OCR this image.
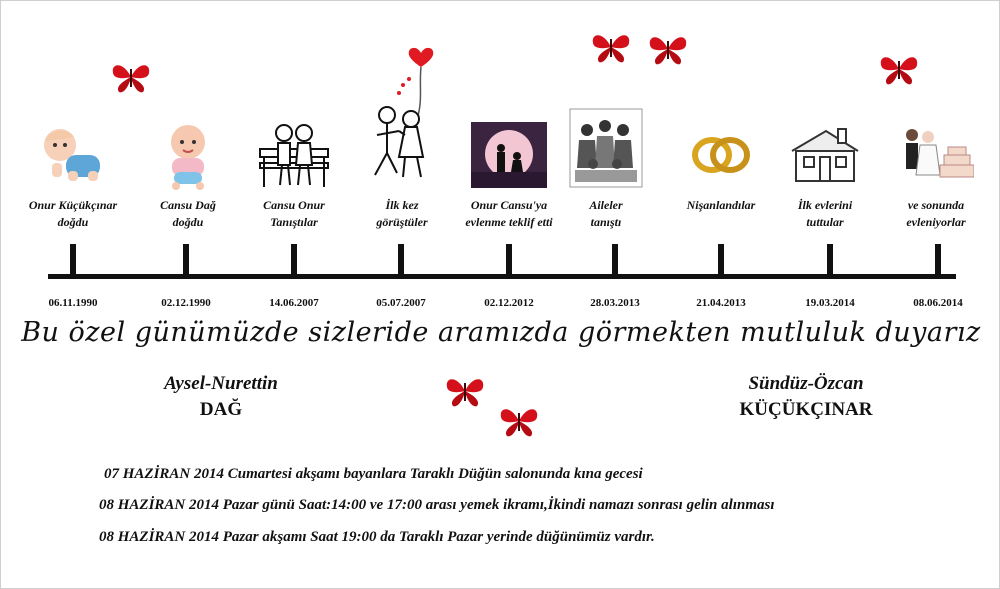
Onur Küçükçınar
doğdu
Cansu Dağ
doğdu
Cansu Onur
Tanıştılar
İlk kez
görüştüler
Onur Cansu'ya
evlenme teklif etti
Aileler
tanıştı
Nişanlandılar	İlk evlerini
tuttular
ve sonunda
evleniyorlar
06.11.1990	02.12.1990	14.06.2007	05.07.2007	02.12.2012	28.03.2013	21.04.2013	19.03.2014	08.06.2014
Bu özel günümüzde sizleride aramızda görmekten mutluluk duyarız
Aysel-Nurettin
DAĞ
Sündüz-Özcan
KÜÇÜKÇINAR
07 HAZİRAN 2014 Cumartesi akşamı bayanlara Taraklı Düğün salonunda kına gecesi
08 HAZİRAN 2014 Pazar günü Saat:14:00 ve 17:00 arası yemek ikramı,İkindi namazı sonrası gelin alınması
08 HAZİRAN 2014 Pazar akşamı Saat 19:00 da Taraklı Pazar yerinde düğünümüz vardır.
